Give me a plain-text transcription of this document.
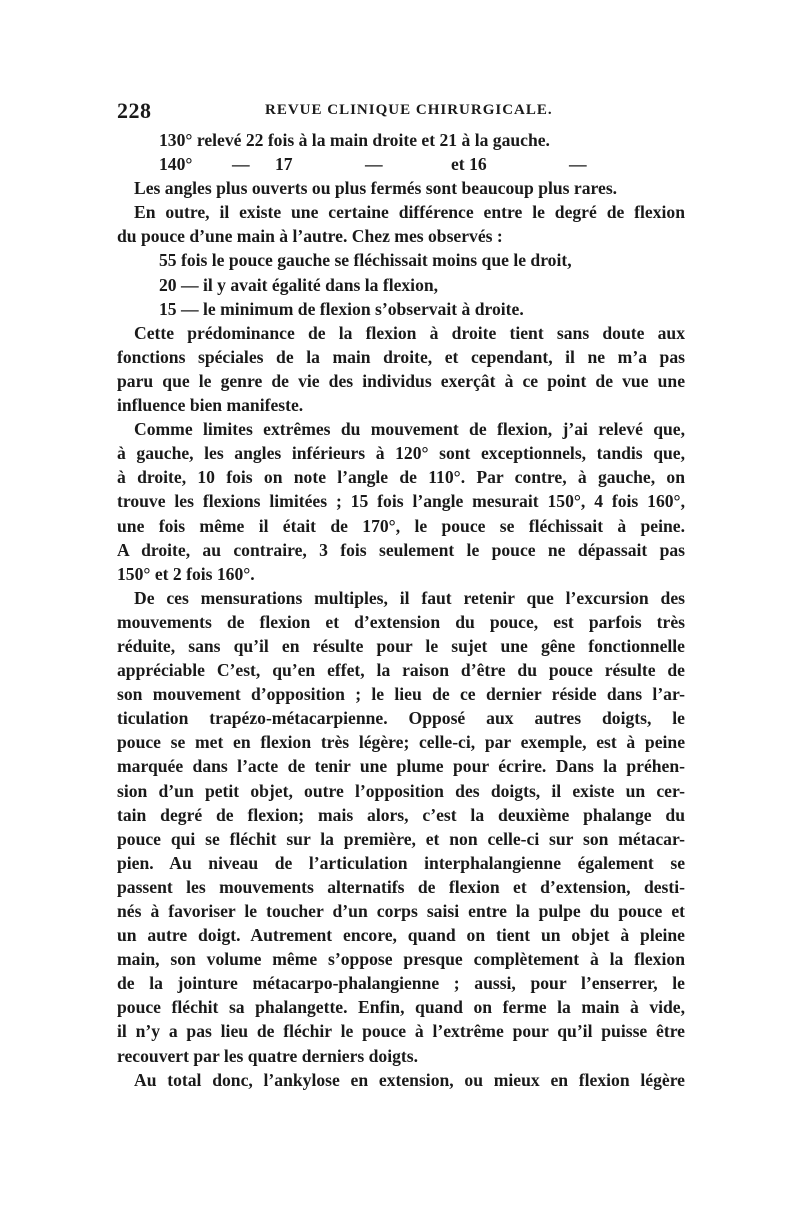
228	REVUE CLINIQUE CHIRURGICALE.
130° relevé 22 fois à la main droite et 21 à la gauche.
140° — 17	—	et 16	—
Les angles plus ouverts ou plus fermés sont beaucoup plus rares.
En outre, il existe une certaine différence entre le degré de flexion
du pouce d’une main à l’autre. Chez mes observés :
55 fois le pouce gauche se fléchissait moins que le droit,
20 — il y avait égalité dans la flexion,
15 — le minimum de flexion s’observait à droite.
Cette prédominance de la flexion à droite tient sans doute aux
fonctions spéciales de la main droite, et cependant, il ne m’a pas
paru que le genre de vie des individus exerçât à ce point de vue une
influence bien manifeste.
Comme limites extrêmes du mouvement de flexion, j’ai relevé que,
à gauche, les angles inférieurs à 120° sont exceptionnels, tandis que,
à droite, 10 fois on note l’angle de 110°. Par contre, à gauche, on
trouve les flexions limitées ; 15 fois l’angle mesurait 150°, 4 fois 160°,
une fois même il était de 170°, le pouce se fléchissait à peine.
A droite, au contraire, 3 fois seulement le pouce ne dépassait pas
150° et 2 fois 160°.
De ces mensurations multiples, il faut retenir que l’excursion des
mouvements de flexion et d’extension du pouce, est parfois très
réduite, sans qu’il en résulte pour le sujet une gêne fonctionnelle
appréciable C’est, qu’en effet, la raison d’être du pouce résulte de
son mouvement d’opposition ; le lieu de ce dernier réside dans l’ar-
ticulation trapézo-métacarpienne. Opposé aux autres doigts, le
pouce se met en flexion très légère; celle-ci, par exemple, est à peine
marquée dans l’acte de tenir une plume pour écrire. Dans la préhen-
sion d’un petit objet, outre l’opposition des doigts, il existe un cer-
tain degré de flexion; mais alors, c’est la deuxième phalange du
pouce qui se fléchit sur la première, et non celle-ci sur son métacar-
pien. Au niveau de l’articulation interphalangienne également se
passent les mouvements alternatifs de flexion et d’extension, desti-
nés à favoriser le toucher d’un corps saisi entre la pulpe du pouce et
un autre doigt. Autrement encore, quand on tient un objet à pleine
main, son volume même s’oppose presque complètement à la flexion
de la jointure métacarpo-phalangienne ; aussi, pour l’enserrer, le
pouce fléchit sa phalangette. Enfin, quand on ferme la main à vide,
il n’y a pas lieu de fléchir le pouce à l’extrême pour qu’il puisse être
recouvert par les quatre derniers doigts.
Au total donc, l’ankylose en extension, ou mieux en flexion légère
